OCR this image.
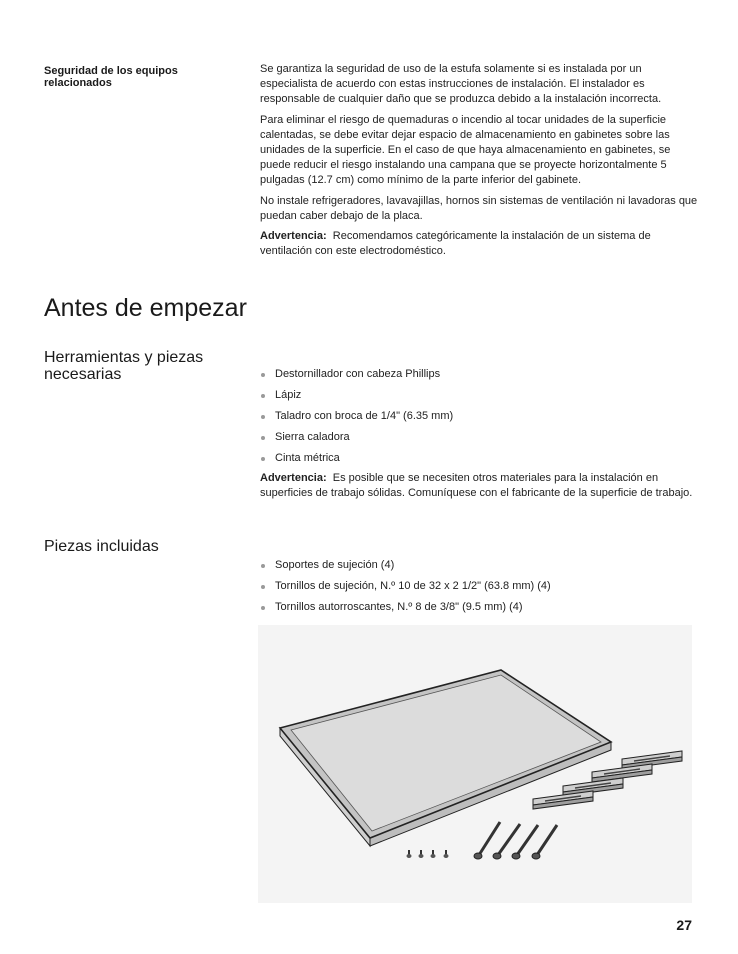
Seguridad de los equipos relacionados

Se garantiza la seguridad de uso de la estufa solamente si es instalada por un especialista de acuerdo con estas instrucciones de instalación. El instalador es responsable de cualquier daño que se produzca debido a la instalación incorrecta.

Para eliminar el riesgo de quemaduras o incendio al tocar unidades de la superficie calentadas, se debe evitar dejar espacio de almacenamiento en gabinetes sobre las unidades de la superficie. En el caso de que haya almacenamiento en gabinetes, se puede reducir el riesgo instalando una campana que se proyecte horizontalmente 5 pulgadas (12.7 cm) como mínimo de la parte inferior del gabinete.

No instale refrigeradores, lavavajillas, hornos sin sistemas de ventilación ni lavadoras que puedan caber debajo de la placa.

Advertencia: Recomendamos categóricamente la instalación de un sistema de ventilación con este electrodoméstico.

Antes de empezar
Herramientas y piezas necesarias	Destornillador con cabeza Phillips
Lápiz
Taladro con broca de 1/4" (6.35 mm)
Sierra caladora
Cinta métrica

Advertencia: Es posible que se necesiten otros materiales para la instalación en superficies de trabajo sólidas. Comuníquese con el fabricante de la superficie de trabajo.

Piezas incluidas
Soportes de sujeción (4)
Tornillos de sujeción, N.º 10 de 32 x 2 1/2" (63.8 mm) (4)
Tornillos autorroscantes, N.º 8 de 3/8" (9.5 mm) (4)
27
